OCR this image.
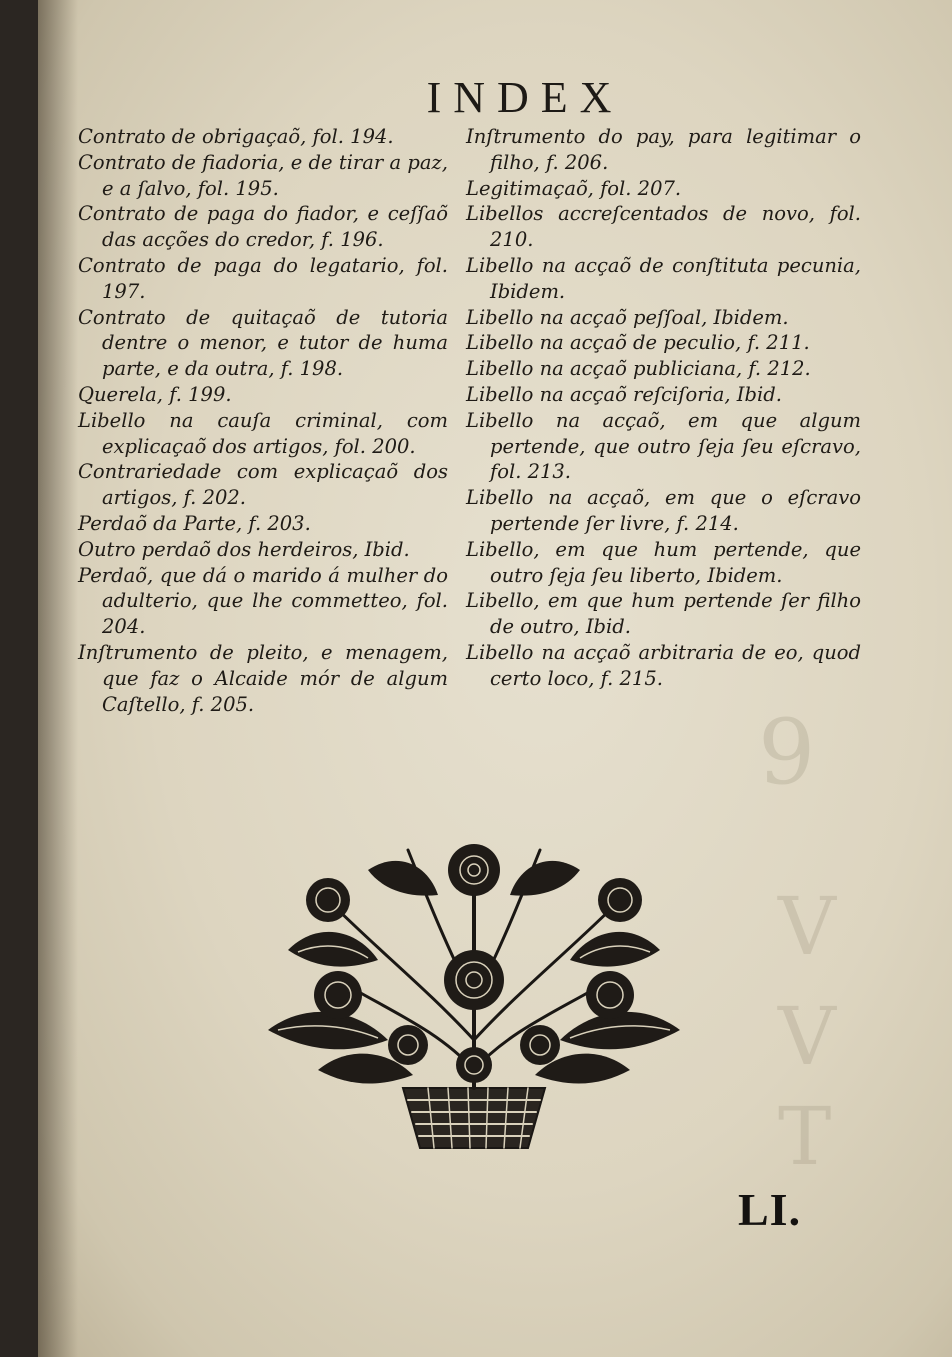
9
V
V
T
INDEX
Contrato de obrigaçaõ, fol. 194.
Contrato de fiadoria, e de tirar a paz, e a ſalvo, fol. 195.
Contrato de paga do fiador, e ceſſaõ das acções do credor, f. 196.
Contrato de paga do legatario, fol. 197.
Contrato de quitaçaõ de tutoria dentre o menor, e tutor de huma parte, e da outra, f. 198.
Querela, f. 199.
Libello na cauſa criminal, com explicaçaõ dos artigos, fol. 200.
Contrariedade com explicaçaõ dos artigos, f. 202.
Perdaõ da Parte, f. 203.
Outro perdaõ dos herdeiros, Ibid.
Perdaõ, que dá o marido á mulher do adulterio, que lhe commetteo, fol. 204.
Inſtrumento de pleito, e menagem, que faz o Alcaide mór de algum Caſtello, f. 205.
Inſtrumento do pay, para legitimar o filho, f. 206.
Legitimaçaõ, fol. 207.
Libellos accreſcentados de novo, fol. 210.
Libello na acçaõ de conſtituta pecunia, Ibidem.
Libello na acçaõ peſſoal, Ibidem.
Libello na acçaõ de peculio, f. 211.
Libello na acçaõ publiciana, f. 212.
Libello na acçaõ reſciſoria, Ibid.
Libello na acçaõ, em que algum pertende, que outro ſeja ſeu eſcravo, fol. 213.
Libello na acçaõ, em que o eſcravo pertende ſer livre, f. 214.
Libello, em que hum pertende, que outro ſeja ſeu liberto, Ibidem.
Libello, em que hum pertende ſer filho de outro, Ibid.
Libello na acçaõ arbitraria de eo, quod certo loco, f. 215.
LI.
